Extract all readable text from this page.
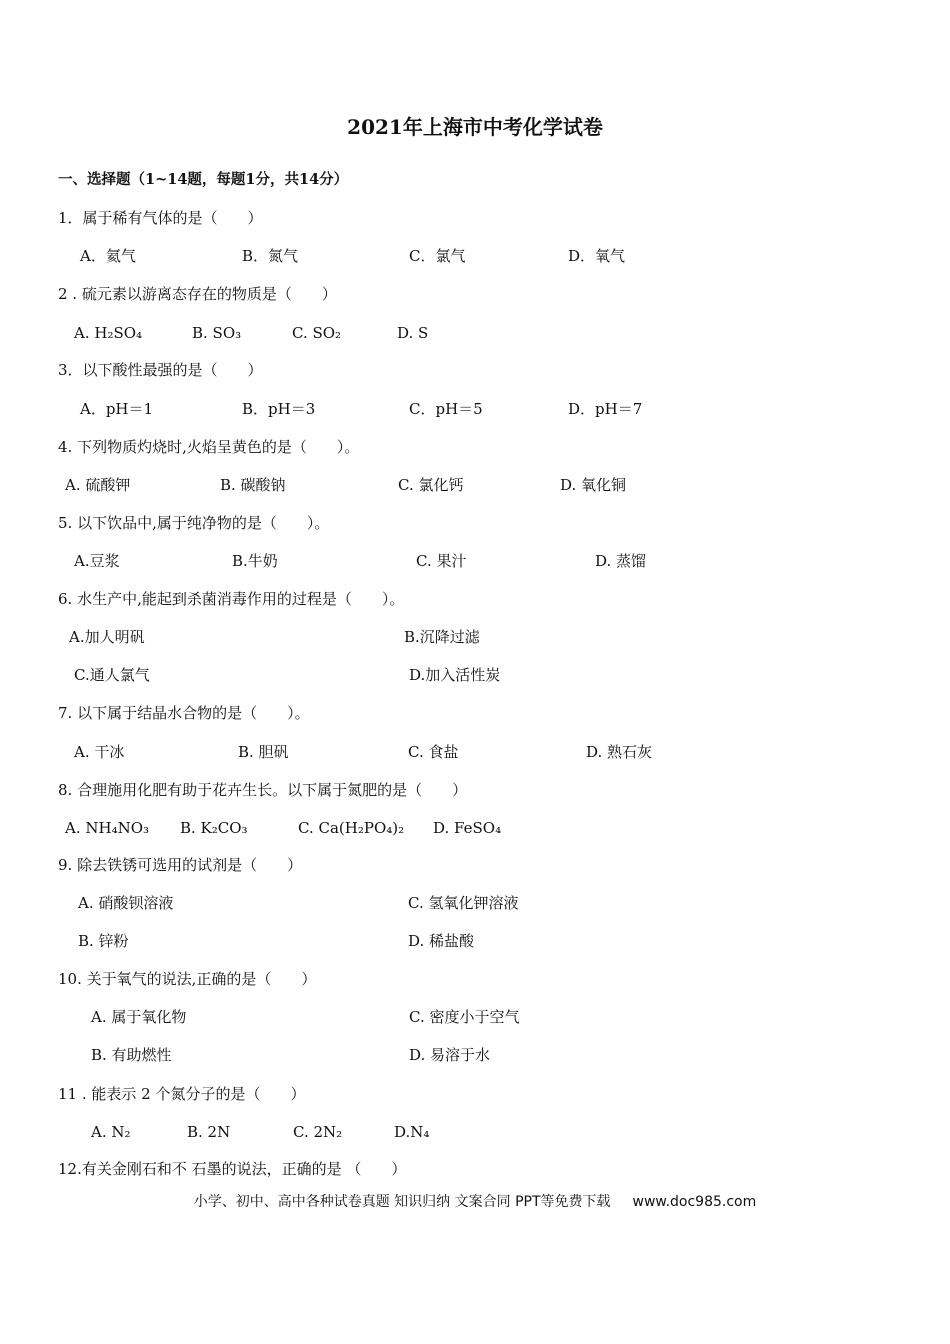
2021年上海市中考化学试卷
一、选择题（1~14题，每题1分，共14分）
1．属于稀有气体的是（　　）
A．氦气	B．氮气	C．氯气	D．氧气
2 . 硫元素以游离态存在的物质是（　　）
A. H₂SO₄	B. SO₃	C. SO₂	D. S
3．以下酸性最强的是（　　）
A．pH＝1	B．pH＝3	C．pH＝5	D．pH＝7
4. 下列物质灼烧时,火焰呈黄色的是（　　）。
A. 硫酸钾	B. 碳酸钠	C. 氯化钙	D. 氧化铜
5. 以下饮品中,属于纯净物的是（　　）。
A.豆浆	B.牛奶	C. 果汁	D. 蒸馏
6. 水生产中,能起到杀菌消毒作用的过程是（　　）。
A.加人明矾	B.沉降过滤
C.通人氯气	D.加入活性炭
7. 以下属于结晶水合物的是（　　）。
A. 干冰	B. 胆矾	C. 食盐	D. 熟石灰
8. 合理施用化肥有助于花卉生长。以下属于氮肥的是（　　）
A. NH₄NO₃ B. K₂CO₃	C. Ca(H₂PO₄)₂ D. FeSO₄
9. 除去铁锈可选用的试剂是（　　）
A. 硝酸钡溶液	C. 氢氧化钾溶液
B. 锌粉	D. 稀盐酸
10. 关于氧气的说法,正确的是（　　）
A. 属于氧化物	C. 密度小于空气
B. 有助燃性	D. 易溶于水
11 . 能表示 2 个氮分子的是（　　）
A. N₂	B. 2N	C. 2N₂	D.N₄
12.有关金刚石和不 石墨的说法，正确的是 （　　）
小学、初中、高中各种试卷真题 知识归纳 文案合同 PPT等免费下载 www.doc985.com
